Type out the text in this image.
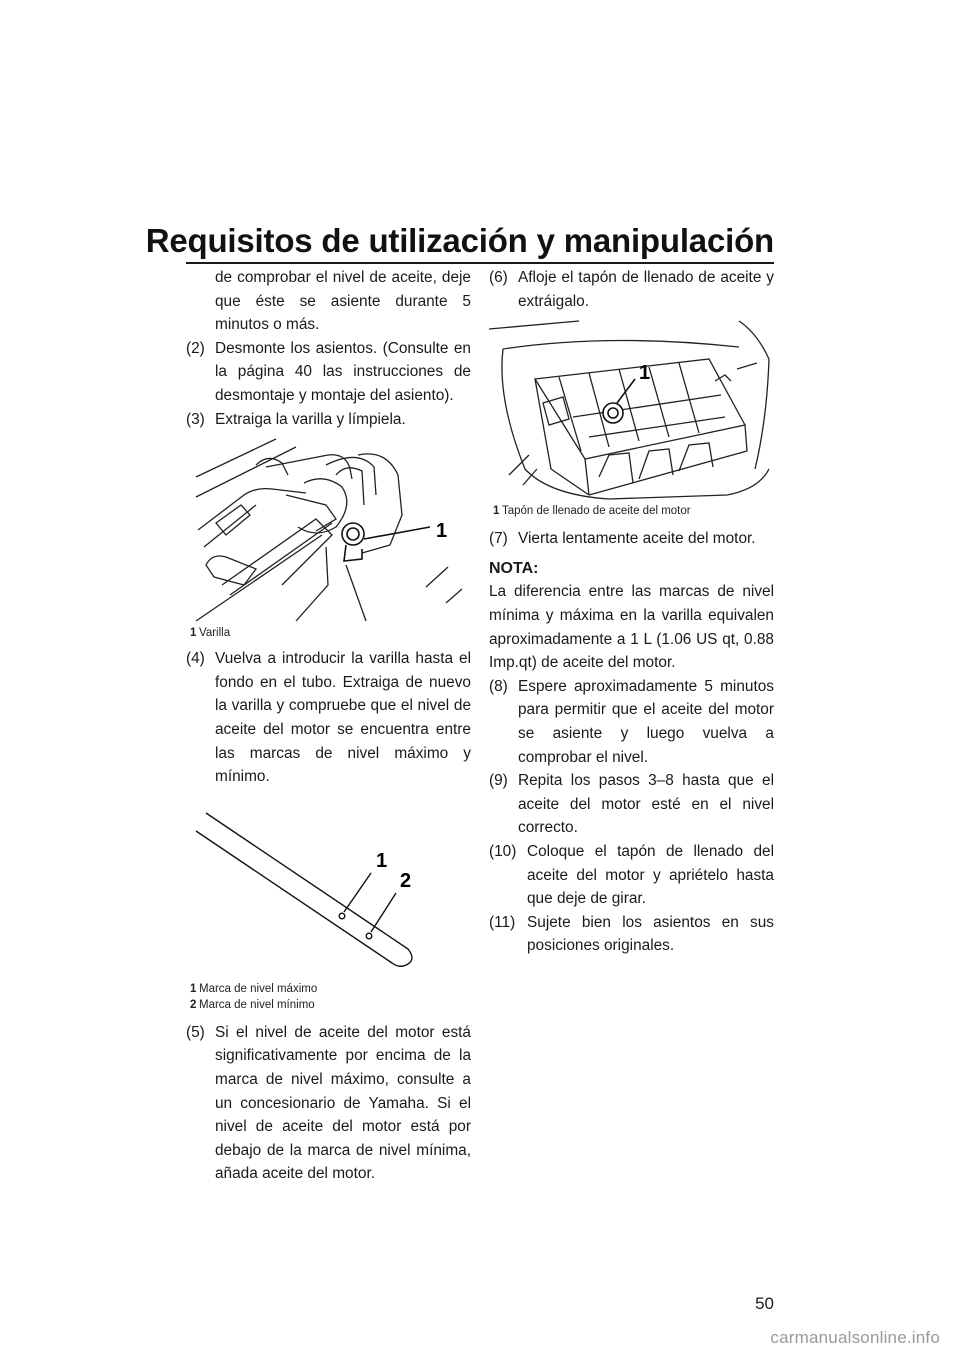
Requisitos de utilización y manipulación

de comprobar el nivel de aceite, deje que éste se asiente durante 5 minutos o más.

(2) Desmonte los asientos. (Consulte en la página 40 las instrucciones de desmontaje y montaje del asiento).

(3) Extraiga la varilla y límpiela.

1
1 Varilla

(4) Vuelva a introducir la varilla hasta el fondo en el tubo. Extraiga de nuevo la varilla y compruebe que el nivel de aceite del motor se encuentra entre las marcas de nivel máximo y mínimo.

1
2
1 Marca de nivel máximo
2 Marca de nivel mínimo

(5) Si el nivel de aceite del motor está significativamente por encima de la marca de nivel máximo, consulte a un concesionario de Yamaha. Si el nivel de aceite del motor está por debajo de la marca de nivel mínima, añada aceite del motor.

(6) Afloje el tapón de llenado de aceite y extráigalo.

1
1 Tapón de llenado de aceite del motor

(7) Vierta lentamente aceite del motor.

NOTA:

La diferencia entre las marcas de nivel mínima y máxima en la varilla equivalen aproximadamente a 1 L (1.06 US qt, 0.88 Imp.qt) de aceite del motor.

(8) Espere aproximadamente 5 minutos para permitir que el aceite del motor se asiente y luego vuelva a comprobar el nivel.

(9) Repita los pasos 3–8 hasta que el aceite del motor esté en el nivel correcto.

(10) Coloque el tapón de llenado del aceite del motor y apriételo hasta que deje de girar.

(11) Sujete bien los asientos en sus posiciones originales.

50
carmanualsonline.info
